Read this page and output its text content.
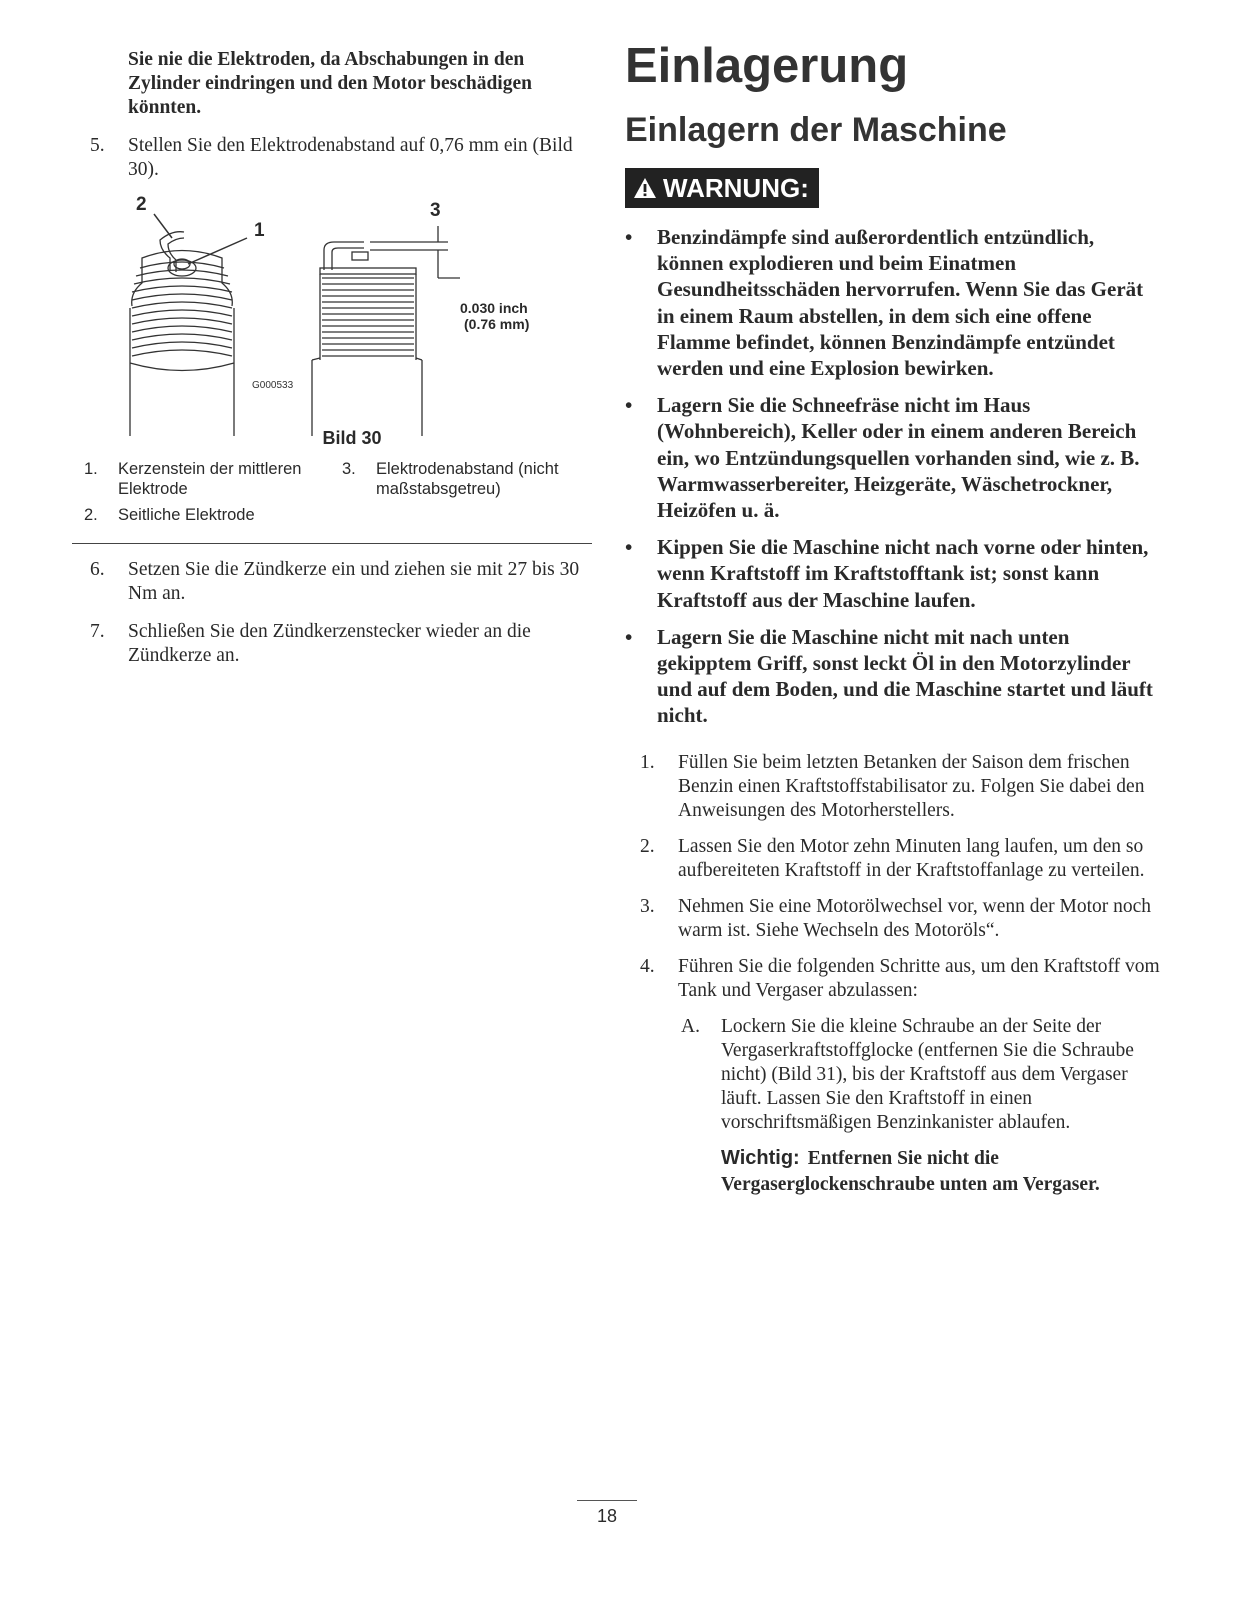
Sie nie die Elektroden, da Abschabungen in den Zylinder eindringen und den Motor beschädigen könnten.

5. Stellen Sie den Elektrodenabstand auf 0,76 mm ein (Bild 30).
2
1
3
0.030 inch
(0.76 mm)
G000533
Bild 30
1. Kerzenstein der mittleren Elektrode
2. Seitliche Elektrode
3. Elektrodenabstand (nicht maßstabsgetreu)
6. Setzen Sie die Zündkerze ein und ziehen sie mit 27 bis 30 Nm an.
7. Schließen Sie den Zündkerzenstecker wieder an die Zündkerze an.
Einlagerung
Einlagern der Maschine
WARNUNG:
• Benzindämpfe sind außerordentlich entzündlich, können explodieren und beim Einatmen Gesundheitsschäden hervorrufen. Wenn Sie das Gerät in einem Raum abstellen, in dem sich eine offene Flamme befindet, können Benzindämpfe entzündet werden und eine Explosion bewirken.
• Lagern Sie die Schneefräse nicht im Haus (Wohnbereich), Keller oder in einem anderen Bereich ein, wo Entzündungsquellen vorhanden sind, wie z. B. Warmwasserbereiter, Heizgeräte, Wäschetrockner, Heizöfen u. ä.
• Kippen Sie die Maschine nicht nach vorne oder hinten, wenn Kraftstoff im Kraftstofftank ist; sonst kann Kraftstoff aus der Maschine laufen.
• Lagern Sie die Maschine nicht mit nach unten gekipptem Griff, sonst leckt Öl in den Motorzylinder und auf dem Boden, und die Maschine startet und läuft nicht.
1. Füllen Sie beim letzten Betanken der Saison dem frischen Benzin einen Kraftstoffstabilisator zu. Folgen Sie dabei den Anweisungen des Motorherstellers.
2. Lassen Sie den Motor zehn Minuten lang laufen, um den so aufbereiteten Kraftstoff in der Kraftstoffanlage zu verteilen.
3. Nehmen Sie eine Motorölwechsel vor, wenn der Motor noch warm ist. Siehe Wechseln des Motoröls“.
4. Führen Sie die folgenden Schritte aus, um den Kraftstoff vom Tank und Vergaser abzulassen:
A. Lockern Sie die kleine Schraube an der Seite der Vergaserkraftstoffglocke (entfernen Sie die Schraube nicht) (Bild 31), bis der Kraftstoff aus dem Vergaser läuft. Lassen Sie den Kraftstoff in einen vorschriftsmäßigen Benzinkanister ablaufen.
Wichtig: Entfernen Sie nicht die Vergaserglockenschraube unten am Vergaser.
18
